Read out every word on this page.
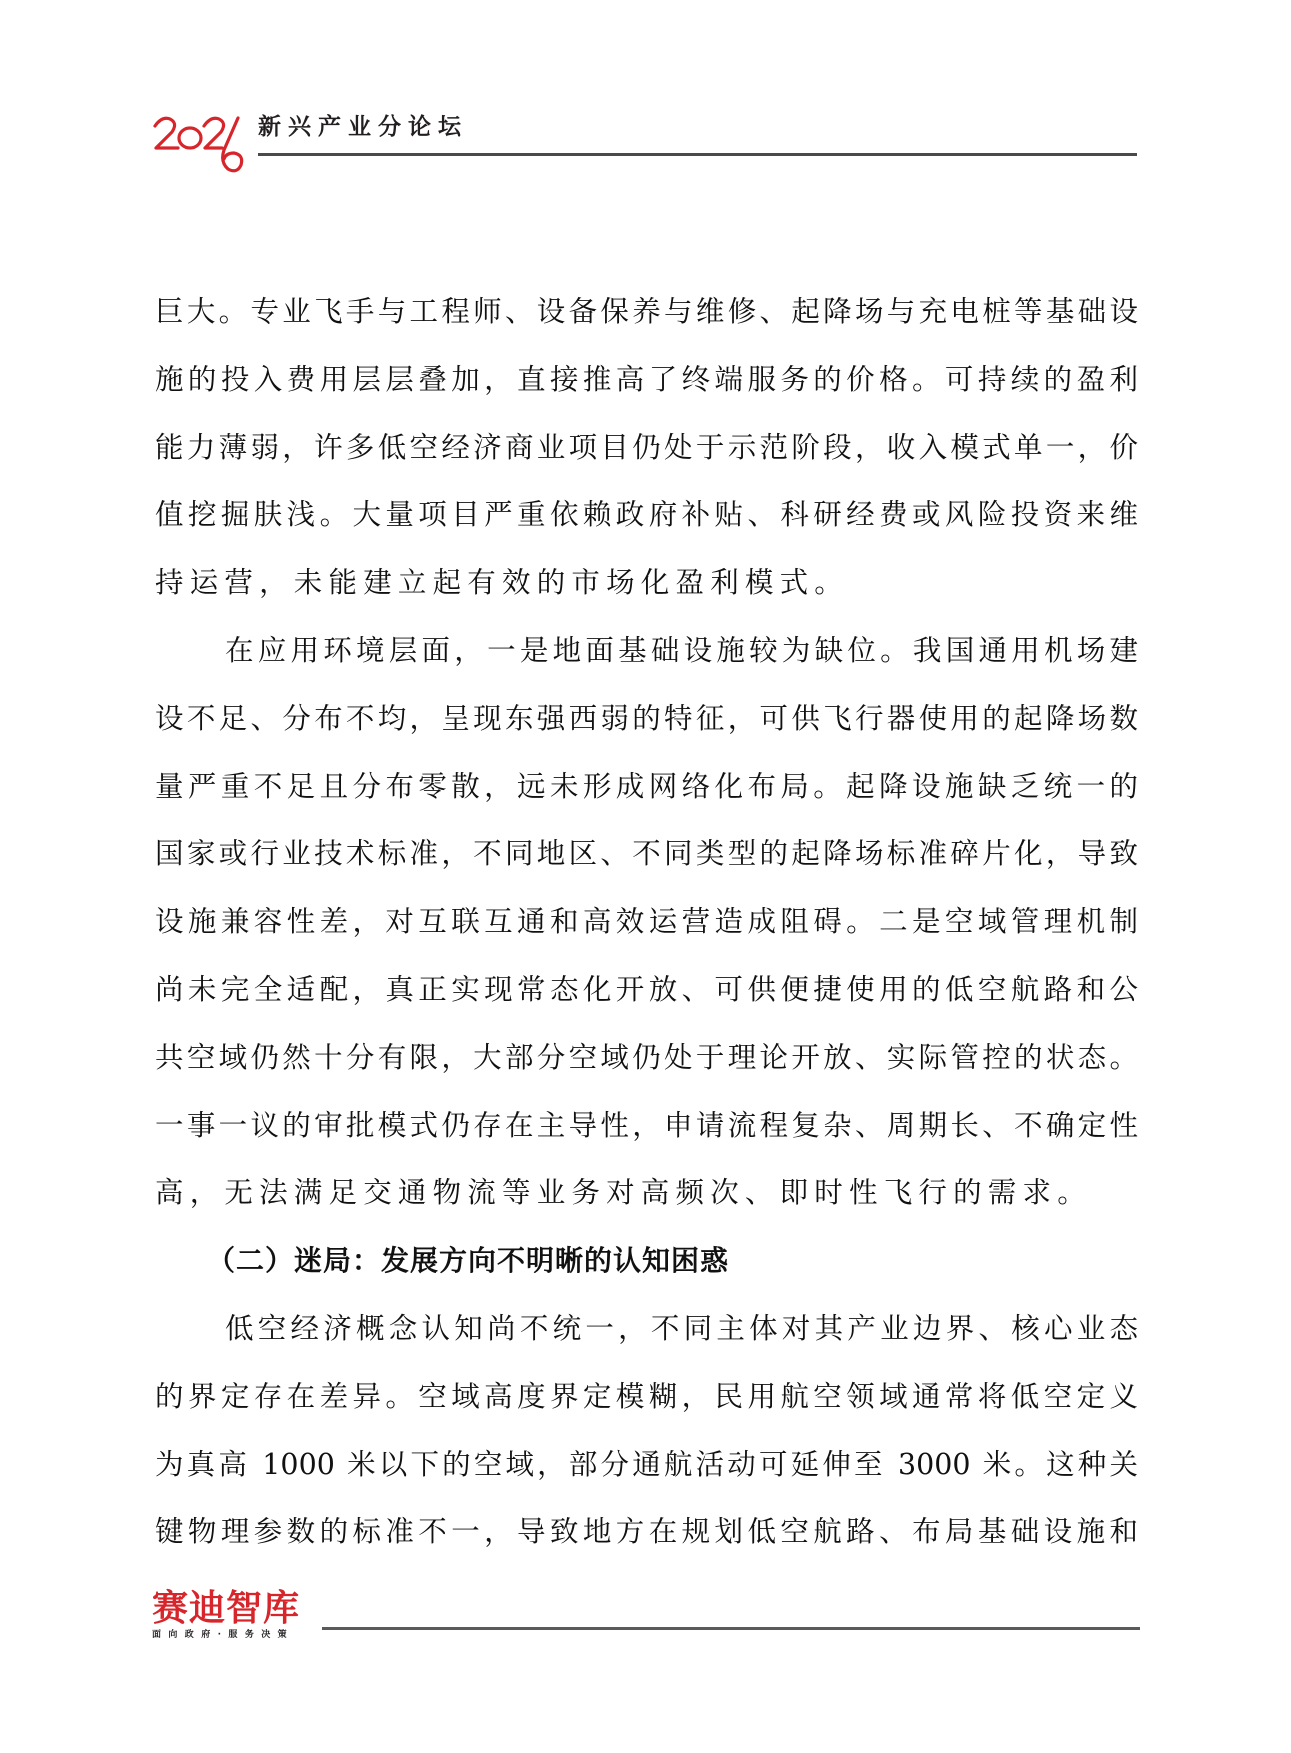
新兴产业分论坛
巨大。专业飞手与工程师、设备保养与维修、起降场与充电桩等基础设
施的投入费用层层叠加，直接推高了终端服务的价格。可持续的盈利
能力薄弱，许多低空经济商业项目仍处于示范阶段，收入模式单一，价
值挖掘肤浅。大量项目严重依赖政府补贴、科研经费或风险投资来维
持运营，未能建立起有效的市场化盈利模式。
在应用环境层面，一是地面基础设施较为缺位。我国通用机场建
设不足、分布不均，呈现东强西弱的特征，可供飞行器使用的起降场数
量严重不足且分布零散，远未形成网络化布局。起降设施缺乏统一的
国家或行业技术标准，不同地区、不同类型的起降场标准碎片化，导致
设施兼容性差，对互联互通和高效运营造成阻碍。二是空域管理机制
尚未完全适配，真正实现常态化开放、可供便捷使用的低空航路和公
共空域仍然十分有限，大部分空域仍处于理论开放、实际管控的状态。
一事一议的审批模式仍存在主导性，申请流程复杂、周期长、不确定性
高，无法满足交通物流等业务对高频次、即时性飞行的需求。
（二）迷局：发展方向不明晰的认知困惑
低空经济概念认知尚不统一，不同主体对其产业边界、核心业态
的界定存在差异。空域高度界定模糊，民用航空领域通常将低空定义
为真高 1000 米以下的空域，部分通航活动可延伸至 3000 米。这种关
键物理参数的标准不一，导致地方在规划低空航路、布局基础设施和
赛迪智库
面向政府·服务决策
